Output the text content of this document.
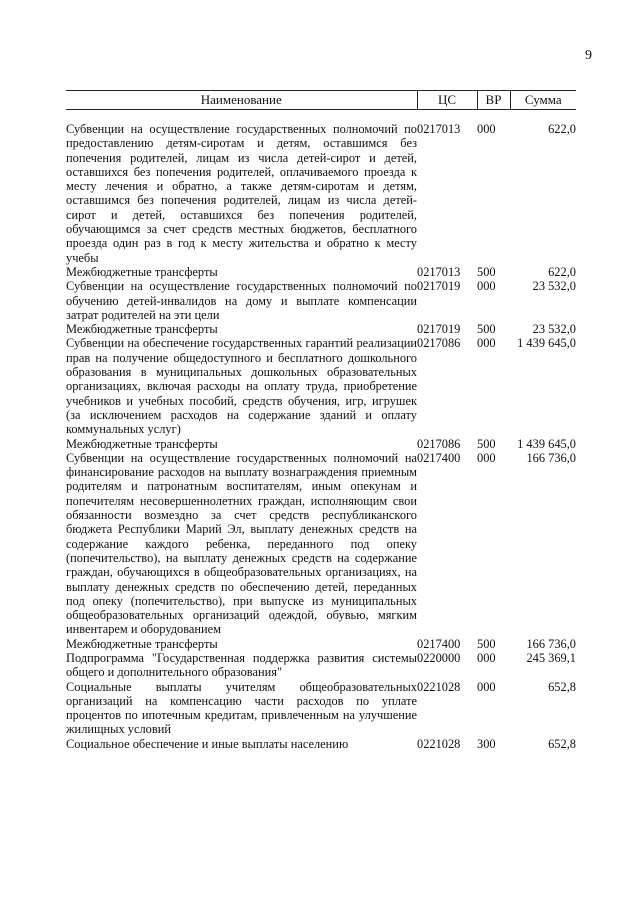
9
Наименование	ЦС	ВР	Сумма
Субвенции на осуществление государственных полномочий по предоставлению детям-сиротам и детям, оставшимся без попечения родителей, лицам из числа детей-сирот и детей, оставшихся без попечения родителей, оплачиваемого проезда к месту лечения и обратно, а также детям-сиротам и детям, оставшимся без попечения родителей, лицам из числа детей-сирот и детей, оставшихся без попечения родителей, обучающимся за счет средств местных бюджетов, бесплатного проезда один раз в год к месту жительства и обратно к месту учебы	0217013	000	622,0
Межбюджетные трансферты	0217013	500	622,0
Субвенции на осуществление государственных полномочий по обучению детей-инвалидов на дому и выплате компенсации затрат родителей на эти цели	0217019	000	23 532,0
Межбюджетные трансферты	0217019	500	23 532,0
Субвенции на обеспечение государственных гарантий реализации прав на получение общедоступного и бесплатного дошкольного образования в муниципальных дошкольных образовательных организациях, включая расходы на оплату труда, приобретение учебников и учебных пособий, средств обучения, игр, игрушек (за исключением расходов на содержание зданий и оплату коммунальных услуг)	0217086	000	1 439 645,0
Межбюджетные трансферты	0217086	500	1 439 645,0
Субвенции на осуществление государственных полномочий на финансирование расходов на выплату вознаграждения приемным родителям и патронатным воспитателям, иным опекунам и попечителям несовершеннолетних граждан, исполняющим свои обязанности возмездно за счет средств республиканского бюджета Республики Марий Эл, выплату денежных средств на содержание каждого ребенка, переданного под опеку (попечительство), на выплату денежных средств на содержание граждан, обучающихся в общеобразовательных организациях, на выплату денежных средств по обеспечению детей, переданных под опеку (попечительство), при выпуске из муниципальных общеобразовательных организаций одеждой, обувью, мягким инвентарем и оборудованием	0217400	000	166 736,0
Межбюджетные трансферты	0217400	500	166 736,0
Подпрограмма "Государственная поддержка развития системы общего и дополнительного образования"	0220000	000	245 369,1
Социальные выплаты учителям общеобразовательных организаций на компенсацию части расходов по уплате процентов по ипотечным кредитам, привлеченным на улучшение жилищных условий	0221028	000	652,8
Социальное обеспечение и иные выплаты населению	0221028	300	652,8
